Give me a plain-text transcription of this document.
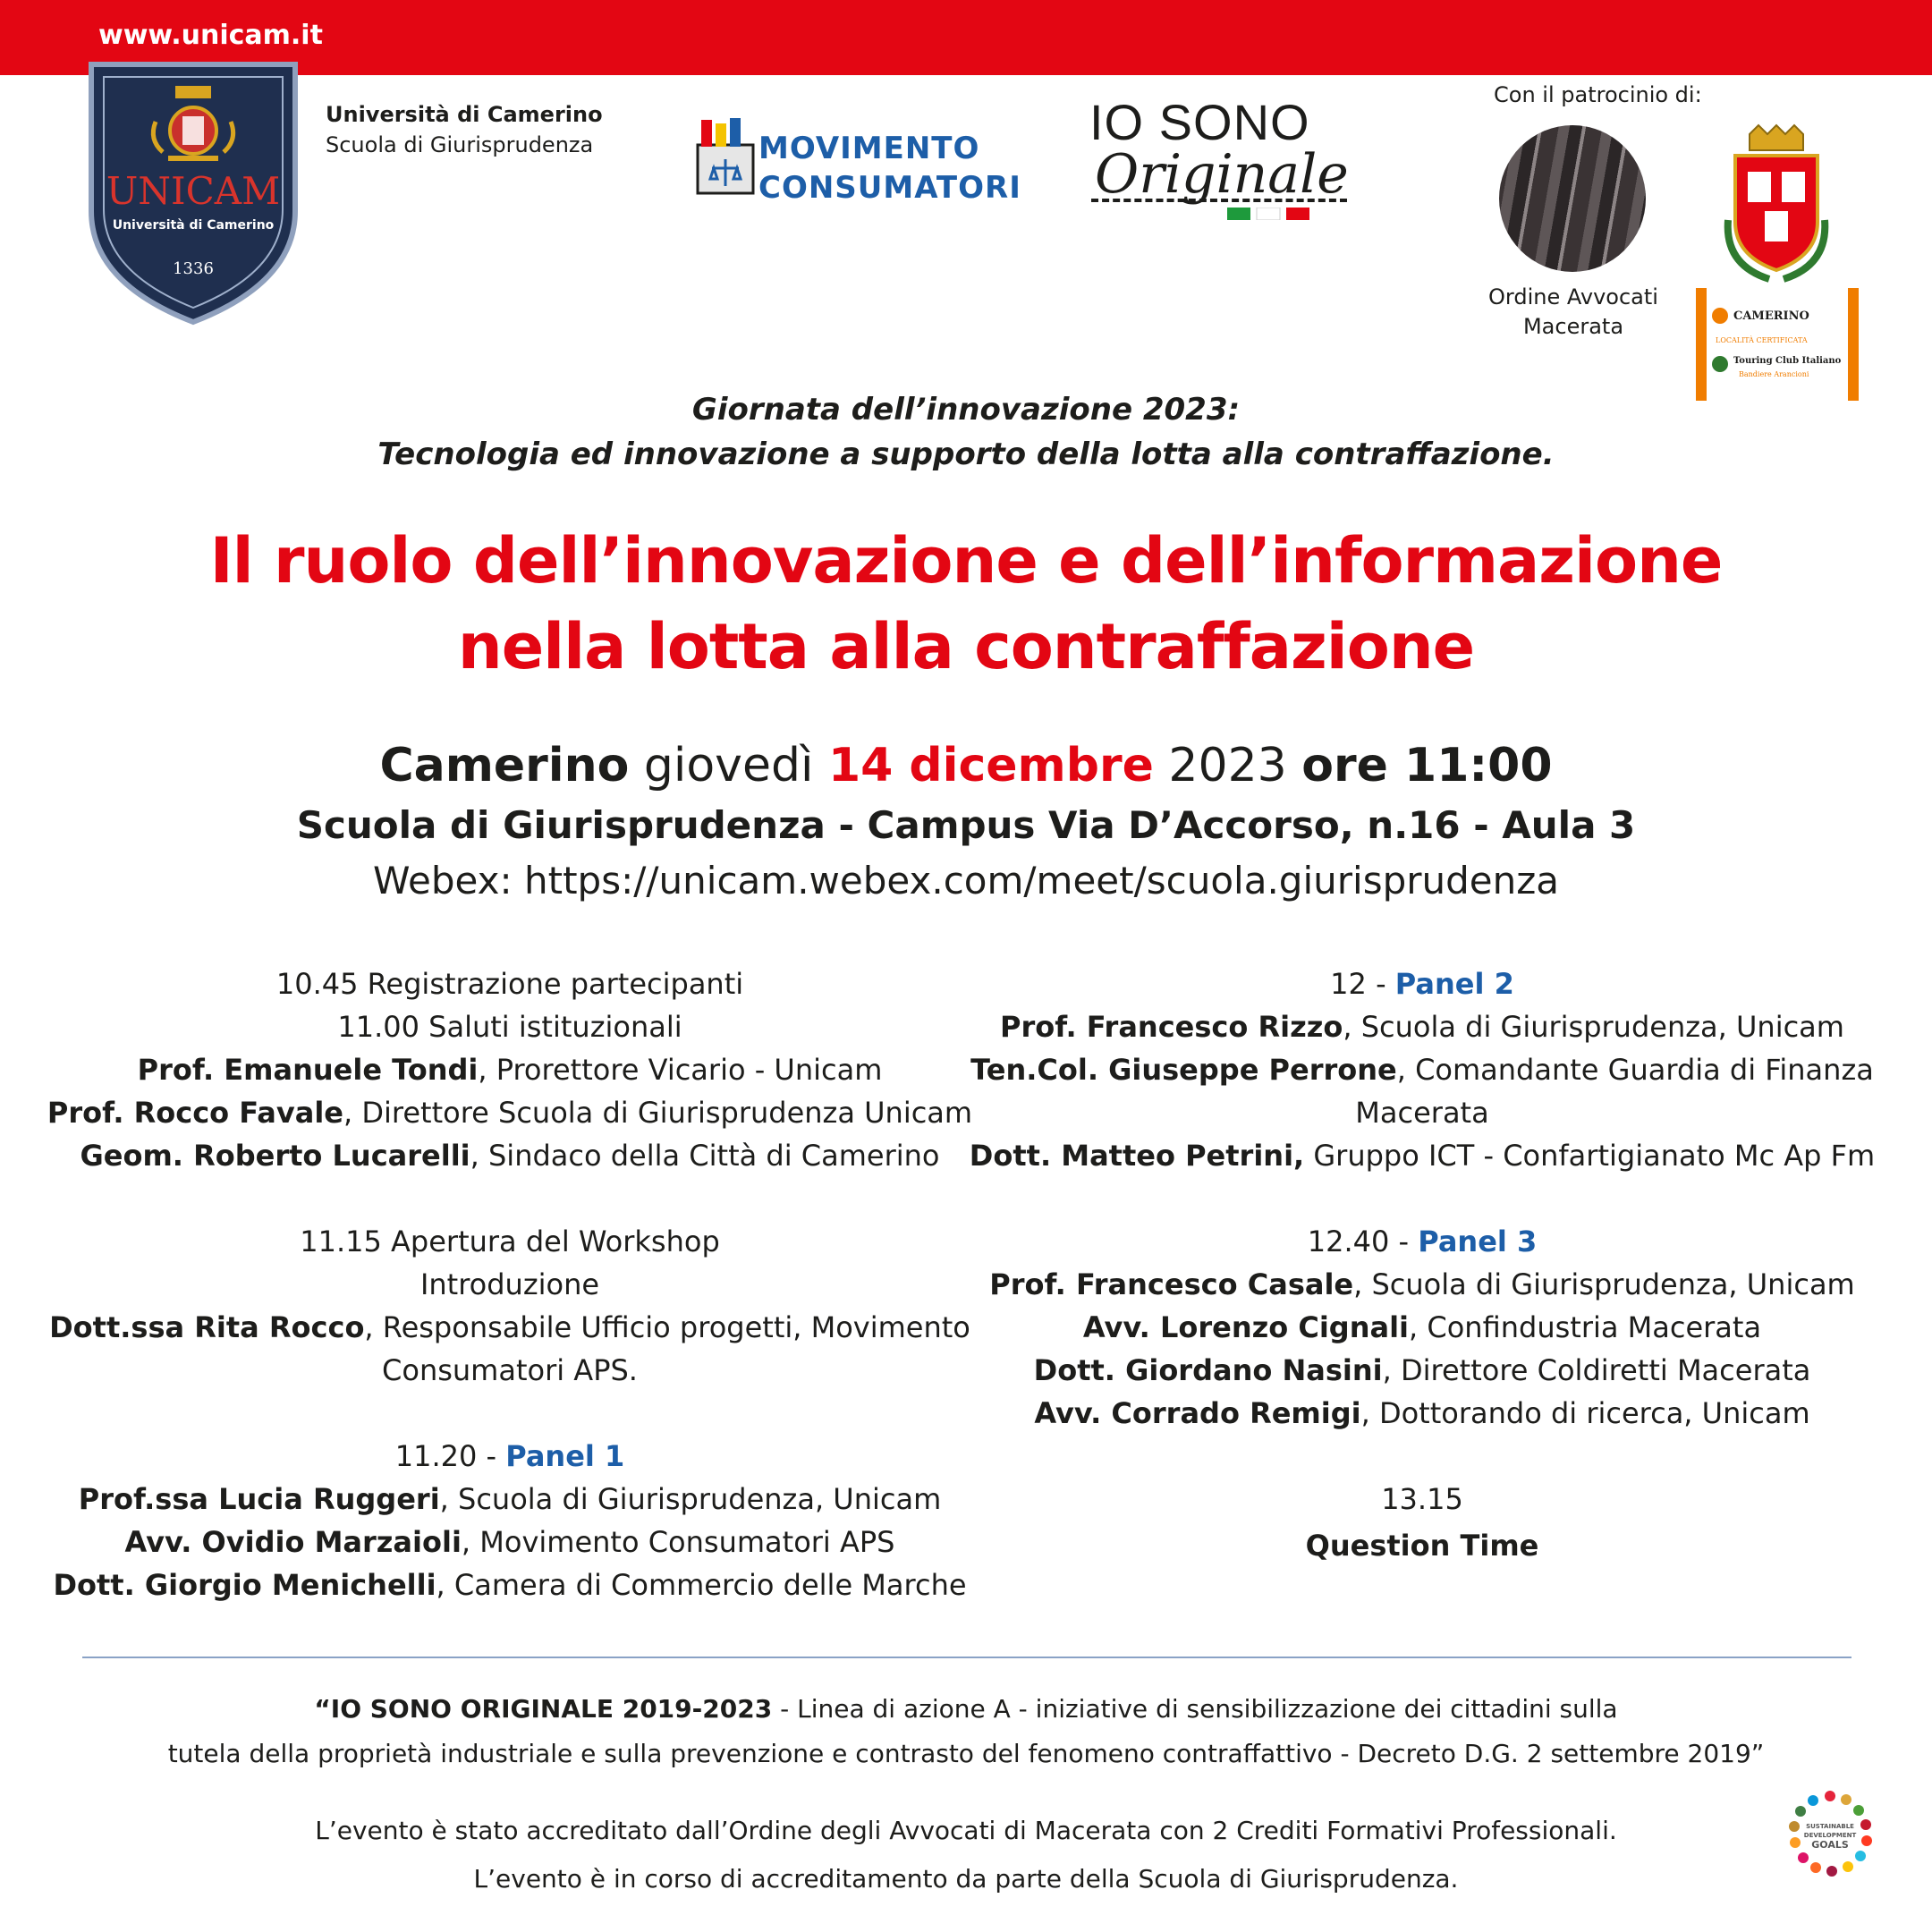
www.unicam.it
UNICAM
Università di Camerino
1336
Università di Camerino
Scuola di Giurisprudenza	MOVIMENTO
CONSUMATORI
IO SONO
Originale
Con il patrocinio di:
Ordine Avvocati
Macerata	CAMERINO
LOCALITÀ CERTIFICATA
Touring Club Italiano
Bandiere Arancioni
Giornata dell’innovazione 2023:
Tecnologia ed innovazione a supporto della lotta alla contraffazione.
Il ruolo dell’innovazione e dell’informazione
nella lotta alla contraffazione
Camerino giovedì 14 dicembre 2023 ore 11:00
Scuola di Giurisprudenza - Campus Via D’Accorso, n.16 - Aula 3
Webex: https://unicam.webex.com/meet/scuola.giurisprudenza

10.45 Registrazione partecipanti

11.00 Saluti istituzionali

Prof. Emanuele Tondi, Prorettore Vicario - Unicam

Prof. Rocco Favale, Direttore Scuola di Giurisprudenza Unicam

Geom. Roberto Lucarelli, Sindaco della Città di Camerino

11.15 Apertura del Workshop

Introduzione

Dott.ssa Rita Rocco, Responsabile Ufficio progetti, Movimento

Consumatori APS.

11.20 - Panel 1

Prof.ssa Lucia Ruggeri, Scuola di Giurisprudenza, Unicam

Avv. Ovidio Marzaioli, Movimento Consumatori APS

Dott. Giorgio Menichelli, Camera di Commercio delle Marche

12 - Panel 2

Prof. Francesco Rizzo, Scuola di Giurisprudenza, Unicam

Ten.Col. Giuseppe Perrone, Comandante Guardia di Finanza

Macerata

Dott. Matteo Petrini, Gruppo ICT - Confartigianato Mc Ap Fm

12.40 - Panel 3

Prof. Francesco Casale, Scuola di Giurisprudenza, Unicam

Avv. Lorenzo Cignali, Confindustria Macerata

Dott. Giordano Nasini, Direttore Coldiretti Macerata

Avv. Corrado Remigi, Dottorando di ricerca, Unicam

13.15

Question Time

“IO SONO ORIGINALE 2019-2023 - Linea di azione A - iniziative di sensibilizzazione dei cittadini sulla
tutela della proprietà industriale e sulla prevenzione e contrasto del fenomeno contraffattivo - Decreto D.G. 2 settembre 2019”
L’evento è stato accreditato dall’Ordine degli Avvocati di Macerata con 2 Crediti Formativi Professionali.
L’evento è in corso di accreditamento da parte della Scuola di Giurisprudenza.
SUSTAINABLE
DEVELOPMENT
GOALS
